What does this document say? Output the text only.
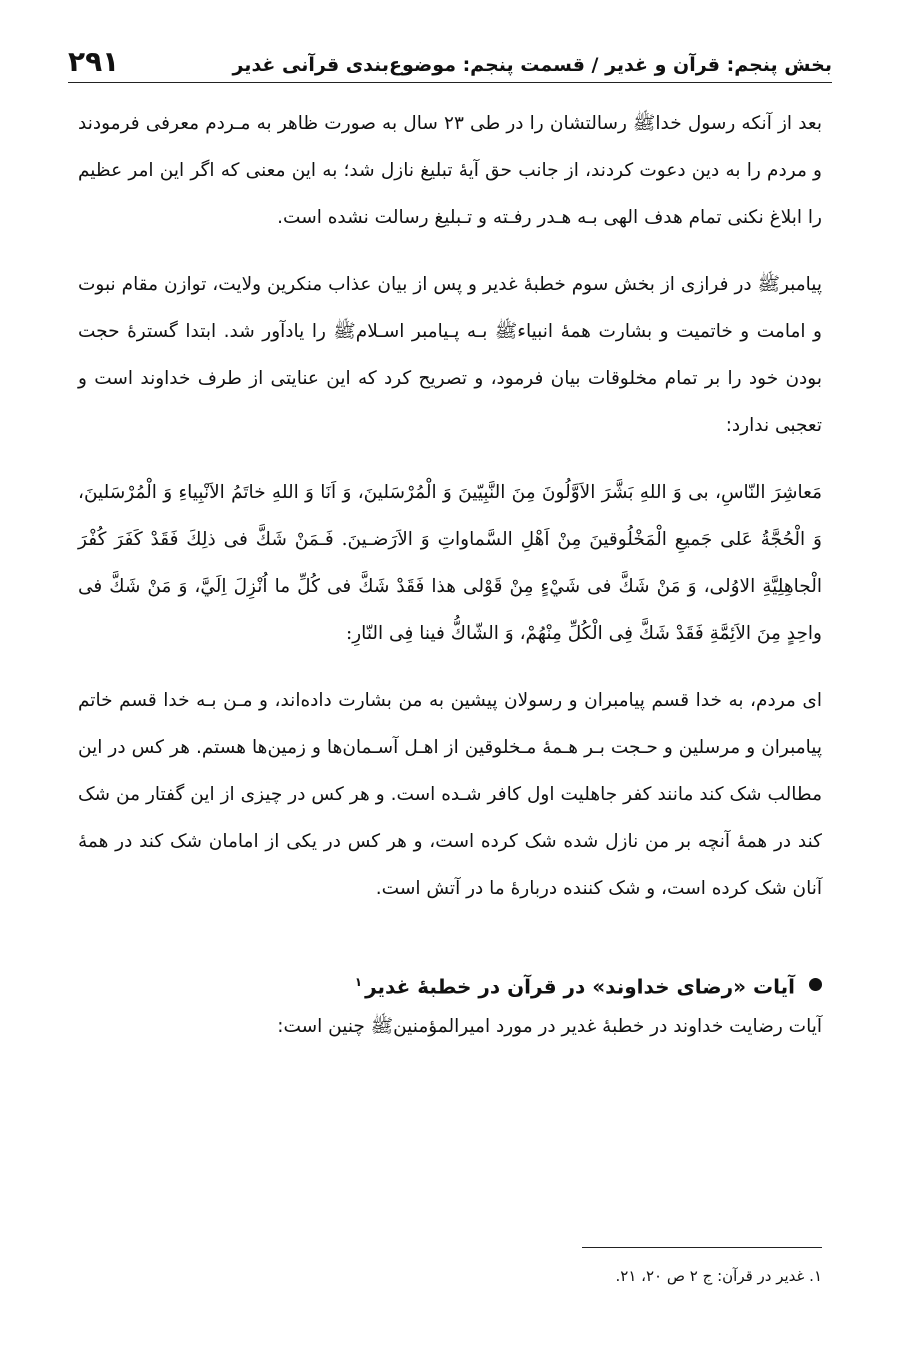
بخش پنجم: قرآن و غدیر / قسمت پنجم: موضوع‌بندی قرآنی غدیر
۲۹۱

بعد از آنکه رسول خداﷺ رسالتشان را در طی ۲۳ سال به صورت ظاهر به مـردم معرفی فرمودند و مردم را به دین دعوت کردند، از جانب حق آیهٔ تبلیغ نازل شد؛ به این معنی که اگر این امر عظیم را ابلاغ نکنی تمام هدف الهی بـه هـدر رفـته و تـبلیغ رسالت نشده است.

پیامبرﷺ در فرازی از بخش سوم خطبهٔ غدیر و پس از بیان عذاب منکرین ولایت، توازن مقام نبوت و امامت و خاتمیت و بشارت همهٔ انبیاءﷺ بـه پـیامبر اسـلامﷺ را یادآور شد. ابتدا گسترهٔ حجت بودن خود را بر تمام مخلوقات بیان فرمود، و تصریح کرد که این عنایتی از طرف خداوند است و تعجبی ندارد:

مَعاشِرَ النّاسِ، بی وَ اللهِ بَشَّرَ الاَوَّلُونَ مِنَ النَّبِيّينَ وَ الْمُرْسَلينَ، وَ اَنَا وَ اللهِ خاتَمُ الاَنْبِياءِ وَ الْمُرْسَلينَ، وَ الْحُجَّةُ عَلى جَميعِ الْمَخْلُوقينَ مِنْ اَهْلِ السَّماواتِ وَ الاَرَضـينَ. فَـمَنْ شَكَّ فى ذلِكَ فَقَدْ كَفَرَ كُفْرَ الْجاهِلِيَّةِ الاوُلى، وَ مَنْ شَكَّ فى شَيْءٍ مِنْ قَوْلى هذا فَقَدْ شَكَّ فى كُلِّ ما اُنْزِلَ اِلَيَّ، وَ مَنْ شَكَّ فى واحِدٍ مِنَ الاَئِمَّةِ فَقَدْ شَكَّ فِى الْكُلِّ مِنْهُمْ، وَ الشّاكُّ فينا فِى النّارِ:

ای مردم، به خدا قسم پیامبران و رسولان پیشین به من بشارت داده‌اند، و مـن بـه خدا قسم خاتم پیامبران و مرسلین و حـجت بـر هـمهٔ مـخلوقین از اهـل آسـمان‌ها و زمین‌ها هستم. هر کس در این مطالب شک کند مانند کفر جاهلیت اول کافر شـده است. و هر کس در چیزی از این گفتار من شک کند در همهٔ آنچه بر من نازل شده شک کرده است، و هر کس در یکی از امامان شک کند در همهٔ آنان شک کرده است، و شک کننده دربارهٔ ما در آتش است.

آیات «رضای خداوند» در قرآن در خطبهٔ غدیر$^۱$

آیات رضایت خداوند در خطبهٔ غدیر در مورد امیرالمؤمنینﷺ چنین است:

۱. غدیر در قرآن: ج ۲ ص ۲۰، ۲۱.
